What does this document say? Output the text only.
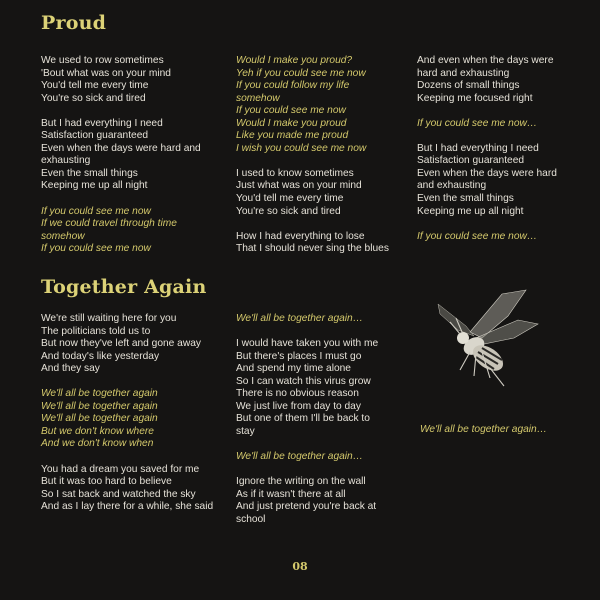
Proud
We used to row sometimes
'Bout what was on your mind
You'd tell me every time
You're so sick and tired
But I had everything I need
Satisfaction guaranteed
Even when the days were hard and
exhausting
Even the small things
Keeping me up all night
If you could see me now
If we could travel through time
somehow
If you could see me now
Would I make you proud?
Yeh if you could see me now
If you could follow my life
somehow
If you could see me now
Would I make you proud
Like you made me proud
I wish you could see me now
I used to know sometimes
Just what was on your mind
You'd tell me every time
You're so sick and tired
How I had everything to lose
That I should never sing the blues
And even when the days were
hard and exhausting
Dozens of small things
Keeping me focused right
If you could see me now…
But I had everything I need
Satisfaction guaranteed
Even when the days were hard
and exhausting
Even the small things
Keeping me up all night
If you could see me now…
Together Again
We're still waiting here for you
The politicians told us to
But now they've left and gone away
And today's like yesterday
And they say
We'll all be together again
We'll all be together again
We'll all be together again
But we don't know where
And we don't know when
You had a dream you saved for me
But it was too hard to believe
So I sat back and watched the sky
And as I lay there for a while, she said
We'll all be together again…
I would have taken you with me
But there's places I must go
And spend my time alone
So I can watch this virus grow
There is no obvious reason
We just live from day to day
But one of them I'll be back to
stay
We'll all be together again…
Ignore the writing on the wall
As if it wasn't there at all
And just pretend you're back at
school
We'll all be together again…
08
